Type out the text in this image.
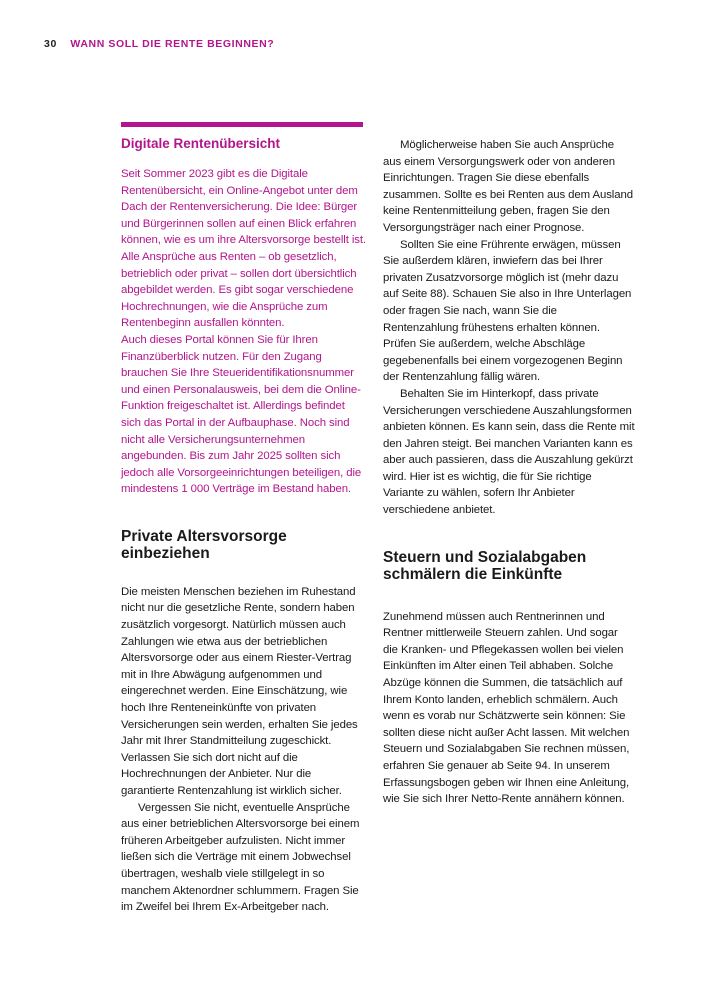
30 WANN SOLL DIE RENTE BEGINNEN?
Digitale Rentenübersicht

Seit Sommer 2023 gibt es die Digitale Rentenübersicht, ein Online-Angebot unter dem Dach der Rentenversicherung. Die Idee: Bürger und Bürgerinnen sollen auf einen Blick erfahren können, wie es um ihre Altersvorsorge bestellt ist. Alle Ansprüche aus Renten – ob gesetzlich, betrieblich oder privat – sollen dort übersichtlich abgebildet werden. Es gibt sogar verschiedene Hochrechnungen, wie die Ansprüche zum Rentenbeginn ausfallen könnten.

Auch dieses Portal können Sie für Ihren Finanzüberblick nutzen. Für den Zugang brauchen Sie Ihre Steueridentifikationsnummer und einen Personalausweis, bei dem die Online-Funktion freigeschaltet ist. Allerdings befindet sich das Portal in der Aufbauphase. Noch sind nicht alle Versicherungsunternehmen angebunden. Bis zum Jahr 2025 sollten sich jedoch alle Vorsorgeeinrichtungen beteiligen, die mindestens 1 000 Verträge im Bestand haben.

Private Altersvorsorge einbeziehen

Die meisten Menschen beziehen im Ruhestand nicht nur die gesetzliche Rente, sondern haben zusätzlich vorgesorgt. Natürlich müssen auch Zahlungen wie etwa aus der betrieblichen Altersvorsorge oder aus einem Riester-Vertrag mit in Ihre Abwägung aufgenommen und eingerechnet werden. Eine Einschätzung, wie hoch Ihre Renteneinkünfte von privaten Versicherungen sein werden, erhalten Sie jedes Jahr mit Ihrer Standmitteilung zugeschickt. Verlassen Sie sich dort nicht auf die Hochrechnungen der Anbieter. Nur die garantierte Rentenzahlung ist wirklich sicher.

Vergessen Sie nicht, eventuelle Ansprüche aus einer betrieblichen Altersvorsorge bei einem früheren Arbeitgeber aufzulisten. Nicht immer ließen sich die Verträge mit einem Jobwechsel übertragen, weshalb viele stillgelegt in so manchem Aktenordner schlummern. Fragen Sie im Zweifel bei Ihrem Ex-Arbeitgeber nach.

Möglicherweise haben Sie auch Ansprüche aus einem Versorgungswerk oder von anderen Einrichtungen. Tragen Sie diese ebenfalls zusammen. Sollte es bei Renten aus dem Ausland keine Rentenmitteilung geben, fragen Sie den Versorgungsträger nach einer Prognose.

Sollten Sie eine Frührente erwägen, müssen Sie außerdem klären, inwiefern das bei Ihrer privaten Zusatzvorsorge möglich ist (mehr dazu auf Seite 88). Schauen Sie also in Ihre Unterlagen oder fragen Sie nach, wann Sie die Rentenzahlung frühestens erhalten können. Prüfen Sie außerdem, welche Abschläge gegebenenfalls bei einem vorgezogenen Beginn der Rentenzahlung fällig wären.

Behalten Sie im Hinterkopf, dass private Versicherungen verschiedene Auszahlungsformen anbieten können. Es kann sein, dass die Rente mit den Jahren steigt. Bei manchen Varianten kann es aber auch passieren, dass die Auszahlung gekürzt wird. Hier ist es wichtig, die für Sie richtige Variante zu wählen, sofern Ihr Anbieter verschiedene anbietet.

Steuern und Sozialabgaben schmälern die Einkünfte

Zunehmend müssen auch Rentnerinnen und Rentner mittlerweile Steuern zahlen. Und sogar die Kranken- und Pflegekassen wollen bei vielen Einkünften im Alter einen Teil abhaben. Solche Abzüge können die Summen, die tatsächlich auf Ihrem Konto landen, erheblich schmälern. Auch wenn es vorab nur Schätzwerte sein können: Sie sollten diese nicht außer Acht lassen. Mit welchen Steuern und Sozialabgaben Sie rechnen müssen, erfahren Sie genauer ab Seite 94. In unserem Erfassungsbogen geben wir Ihnen eine Anleitung, wie Sie sich Ihrer Netto-Rente annähern können.
